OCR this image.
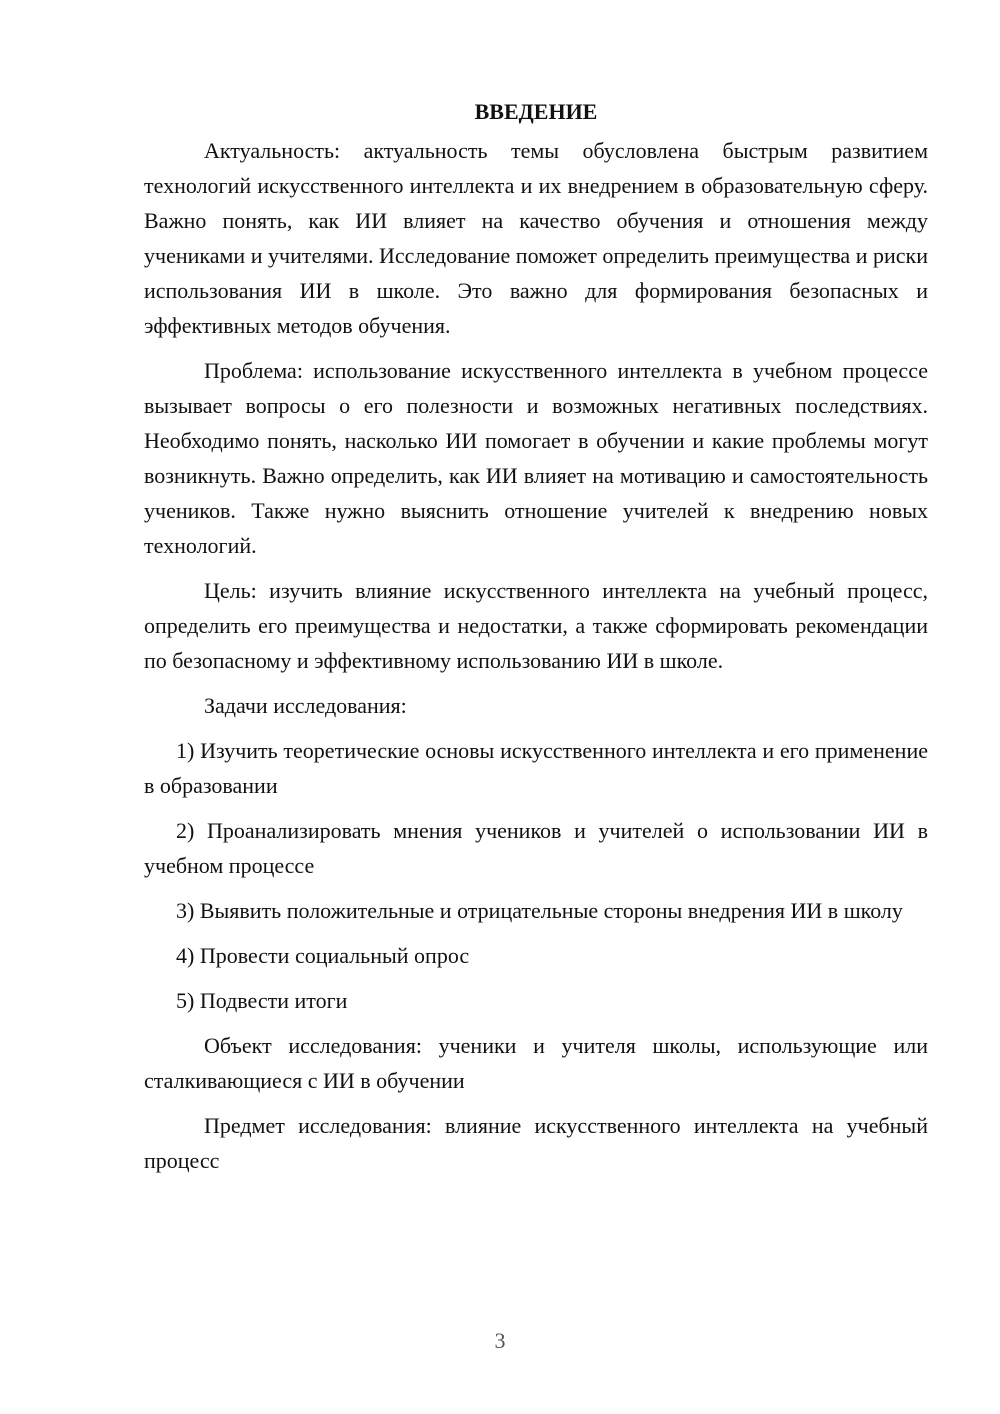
ВВЕДЕНИЕ

Актуальность: актуальность темы обусловлена быстрым развитием технологий искусственного интеллекта и их внедрением в образовательную сферу. Важно понять, как ИИ влияет на качество обучения и отношения между учениками и учителями. Исследование поможет определить преимущества и риски использования ИИ в школе. Это важно для формирования безопасных и эффективных методов обучения.

Проблема: использование искусственного интеллекта в учебном процессе вызывает вопросы о его полезности и возможных негативных последствиях. Необходимо понять, насколько ИИ помогает в обучении и какие проблемы могут возникнуть. Важно определить, как ИИ влияет на мотивацию и самостоятельность учеников. Также нужно выяснить отношение учителей к внедрению новых технологий.

Цель: изучить влияние искусственного интеллекта на учебный процесс, определить его преимущества и недостатки, а также сформировать рекомендации по безопасному и эффективному использованию ИИ в школе.

Задачи исследования:

1) Изучить теоретические основы искусственного интеллекта и его применение в образовании

2) Проанализировать мнения учеников и учителей о использовании ИИ в учебном процессе

3) Выявить положительные и отрицательные стороны внедрения ИИ в школу

4) Провести социальный опрос

5) Подвести итоги

Объект исследования: ученики и учителя школы, использующие или сталкивающиеся с ИИ в обучении

Предмет исследования: влияние искусственного интеллекта на учебный процесс

3
